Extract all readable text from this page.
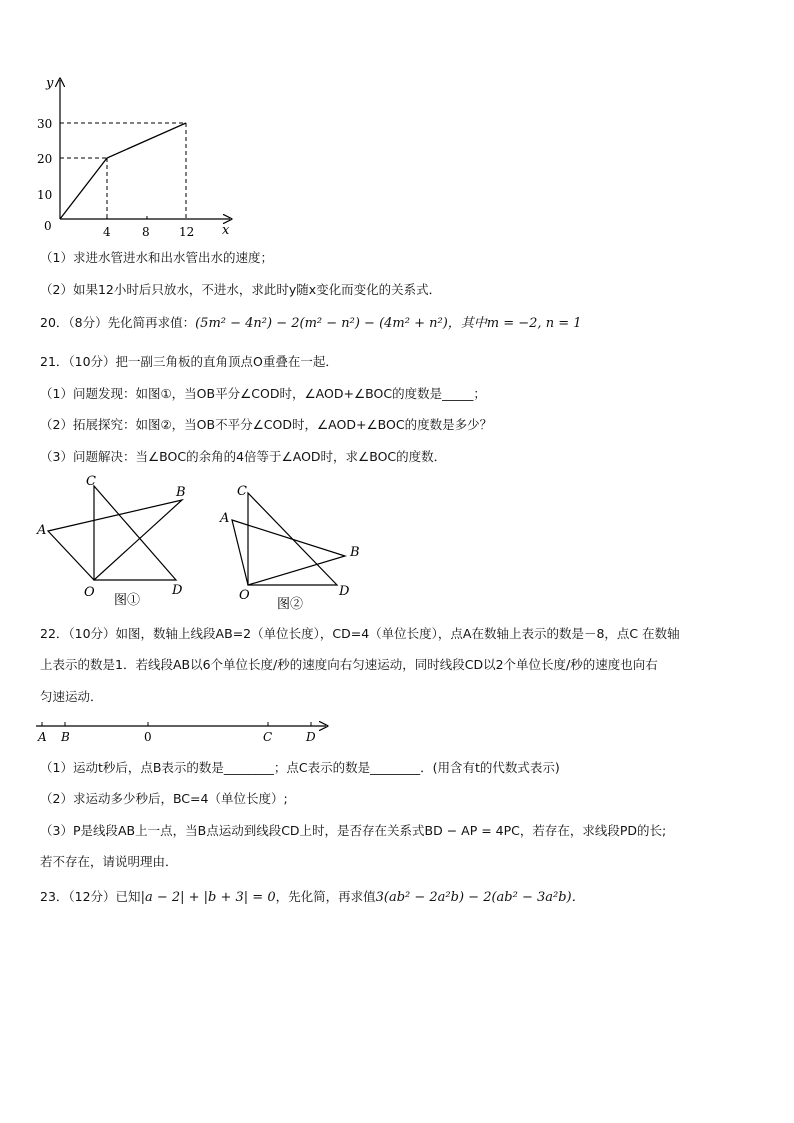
y
x
0
10
20
30
4	8 12
（1）求进水管进水和出水管出水的速度；
（2）如果12小时后只放水，不进水，求此时y随x变化而变化的关系式．
20．（8分）先化简再求值：(5m² − 4n²) − 2(m² − n²) − (4m² + n²)，其中m = −2, n = 1
21．（10分）把一副三角板的直角顶点O重叠在一起．
（1）问题发现：如图①，当OB平分∠COD时，∠AOD+∠BOC的度数是_____；
（2）拓展探究：如图②，当OB不平分∠COD时，∠AOD+∠BOC的度数是多少？
（3）问题解决：当∠BOC的余角的4倍等于∠AOD时，求∠BOC的度数．
C
B
A
O	D
图①
C
A
B
O	D
图②
22．（10分）如图，数轴上线段AB=2（单位长度），CD=4（单位长度），点A在数轴上表示的数是－8，点C 在数轴
上表示的数是1．若线段AB以6个单位长度/秒的速度向右匀速运动，同时线段CD以2个单位长度/秒的速度也向右
匀速运动．
A B	0	C	D
（1）运动t秒后，点B表示的数是________；点C表示的数是________．(用含有t的代数式表示)
（2）求运动多少秒后，BC=4（单位长度）;
（3）P是线段AB上一点，当B点运动到线段CD上时，是否存在关系式BD − AP = 4PC，若存在，求线段PD的长;
若不存在，请说明理由．
23．（12分）已知|a − 2| + |b + 3| = 0，先化简，再求值3(ab² − 2a²b) − 2(ab² − 3a²b)．
